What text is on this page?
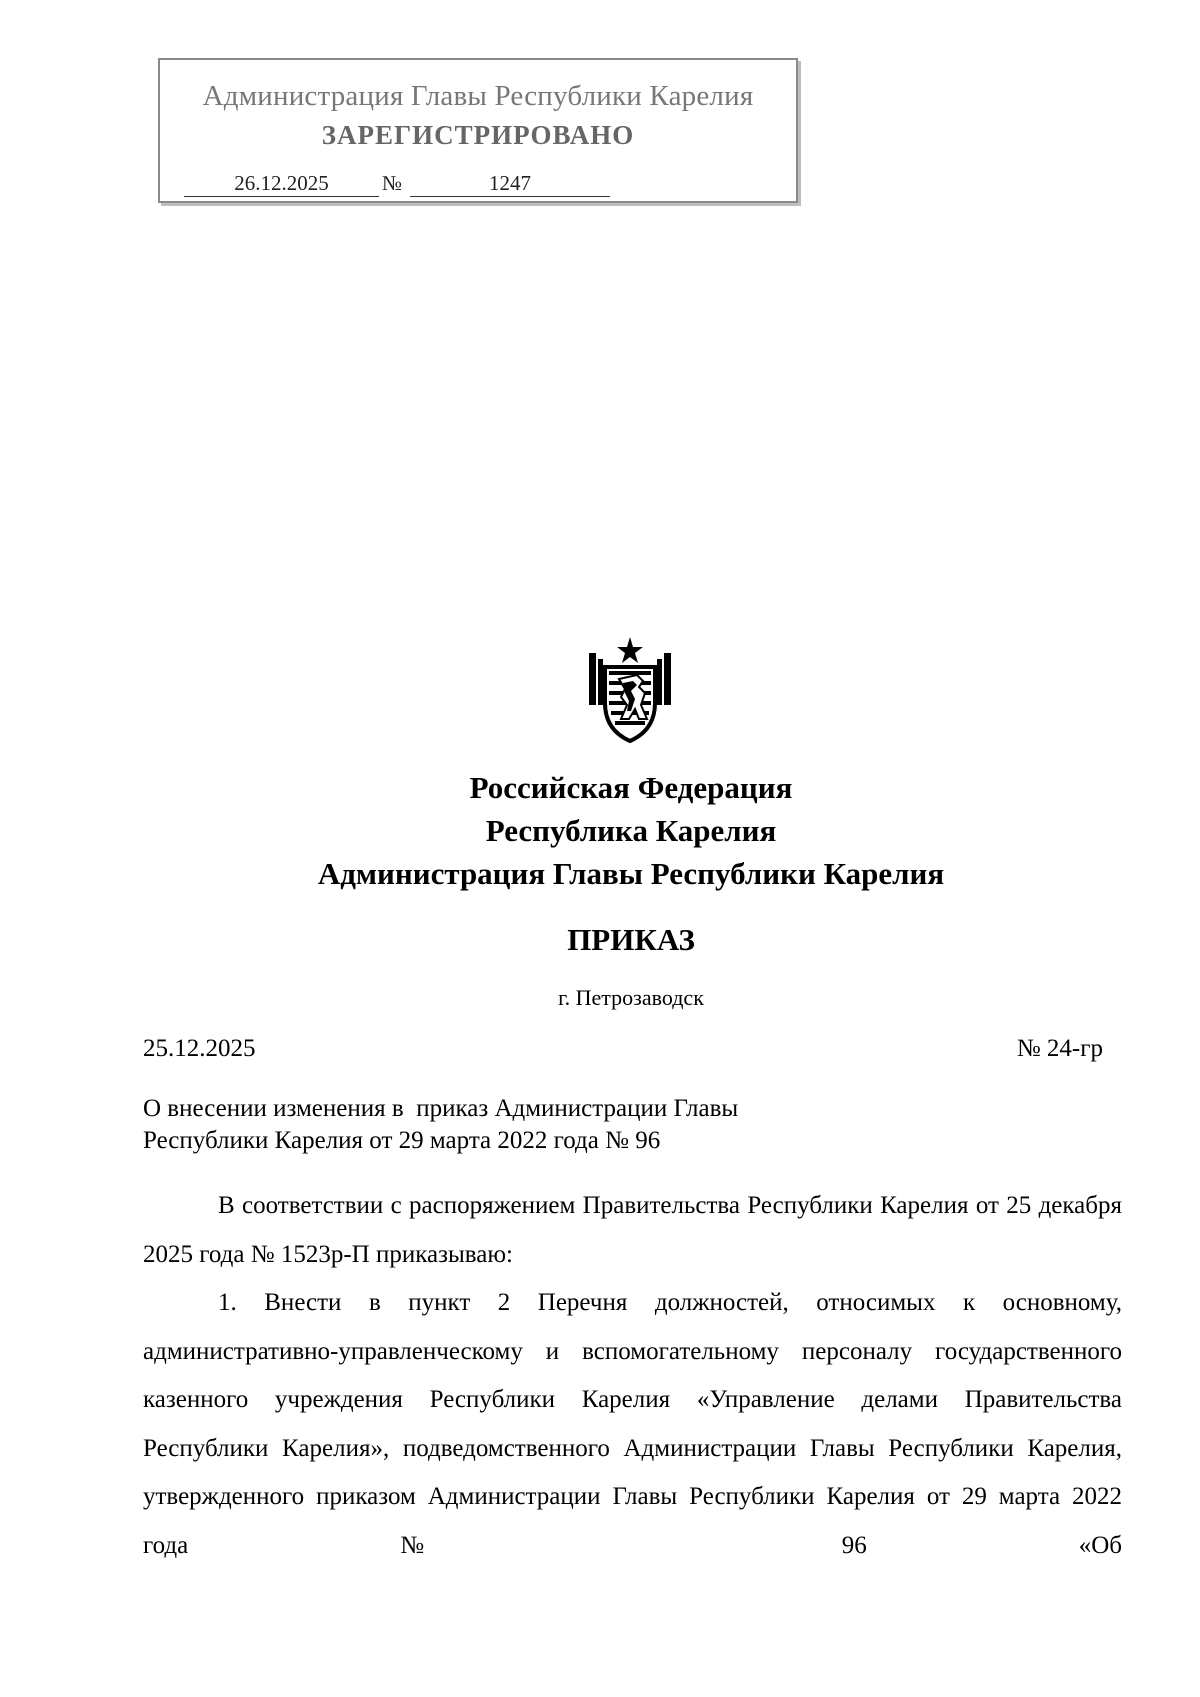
Администрация Главы Республики Карелия
ЗАРЕГИСТРИРОВАНО
26.12.2025	№	1247
Российская Федерация
Республика Карелия
Администрация Главы Республики Карелия
ПРИКАЗ
г. Петрозаводск
25.12.2025	№ 24-гр
О внесении изменения в  приказ Администрации Главы
Республики Карелия от 29 марта 2022 года № 96
В соответствии с распоряжением Правительства Республики Карелия от 25 декабря 2025 года № 1523р-П приказываю:
1. Внести в пункт 2 Перечня должностей, относимых к основному, административно-управленческому и вспомогательному персоналу государственного казенного учреждения Республики Карелия «Управление делами Правительства Республики Карелия», подведомственного Администрации Главы Республики Карелия, утвержденного приказом Администрации Главы Республики Карелия от 29 марта 2022 года № 96 «Об
